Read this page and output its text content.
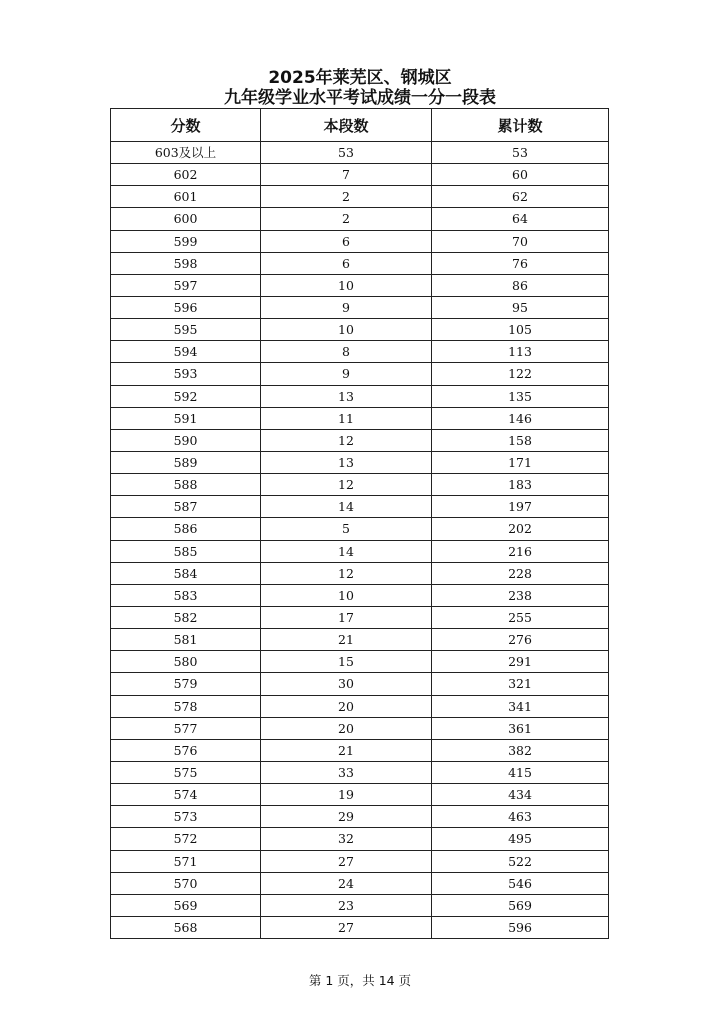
2025年莱芜区、钢城区
九年级学业水平考试成绩一分一段表
分数	本段数	累计数
603及以上	53	53
602	7	60
601	2	62
600	2	64
599	6	70
598	6	76
597	10	86
596	9	95
595	10	105
594	8	113
593	9	122
592	13	135
591	11	146
590	12	158
589	13	171
588	12	183
587	14	197
586	5	202
585	14	216
584	12	228
583	10	238
582	17	255
581	21	276
580	15	291
579	30	321
578	20	341
577	20	361
576	21	382
575	33	415
574	19	434
573	29	463
572	32	495
571	27	522
570	24	546
569	23	569
568	27	596
第 1 页，共 14 页
